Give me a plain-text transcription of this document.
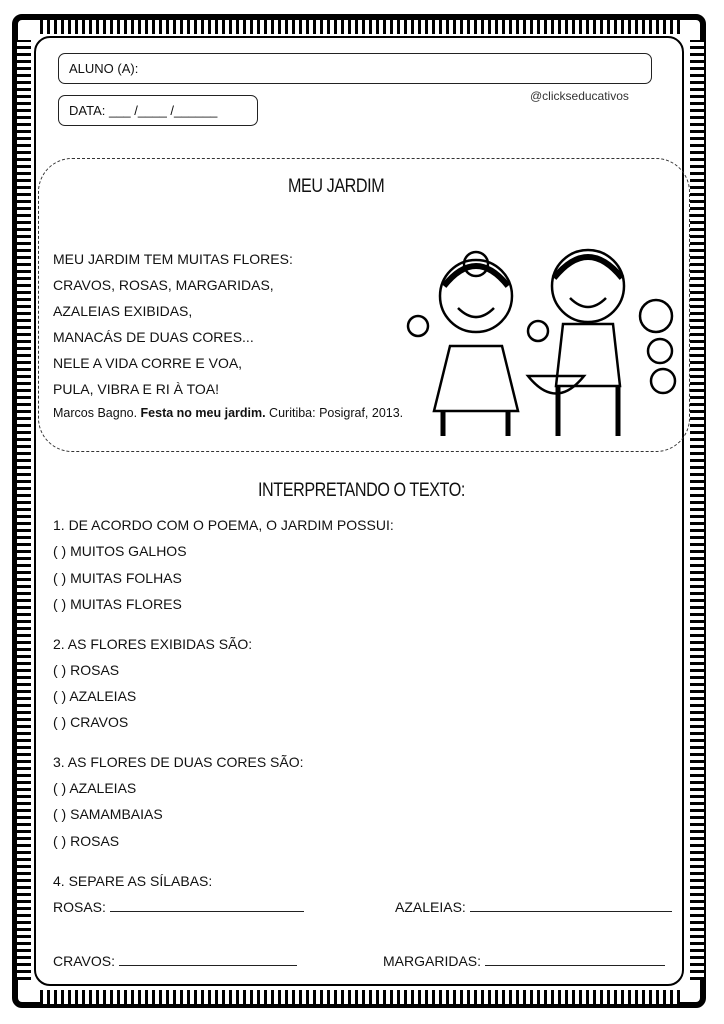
ALUNO (A):
DATA: ___ /____ /______
@clickseducativos
MEU JARDIM
MEU JARDIM TEM MUITAS FLORES:
CRAVOS, ROSAS, MARGARIDAS,
AZALEIAS EXIBIDAS,
MANACÁS DE DUAS CORES...
NELE A VIDA CORRE E VOA,
PULA, VIBRA E RI À TOA!
Marcos Bagno. Festa no meu jardim. Curitiba: Posigraf, 2013.
INTERPRETANDO O TEXTO:
1. DE ACORDO COM O POEMA, O JARDIM POSSUI:
( ) MUITOS GALHOS
( ) MUITAS FOLHAS
( ) MUITAS FLORES
2. AS FLORES EXIBIDAS SÃO:
( ) ROSAS
( ) AZALEIAS
( ) CRAVOS
3. AS FLORES DE DUAS CORES SÃO:
( ) AZALEIAS
( ) SAMAMBAIAS
( ) ROSAS
4. SEPARE AS SÍLABAS:
ROSAS:	AZALEIAS:
CRAVOS:	MARGARIDAS:
